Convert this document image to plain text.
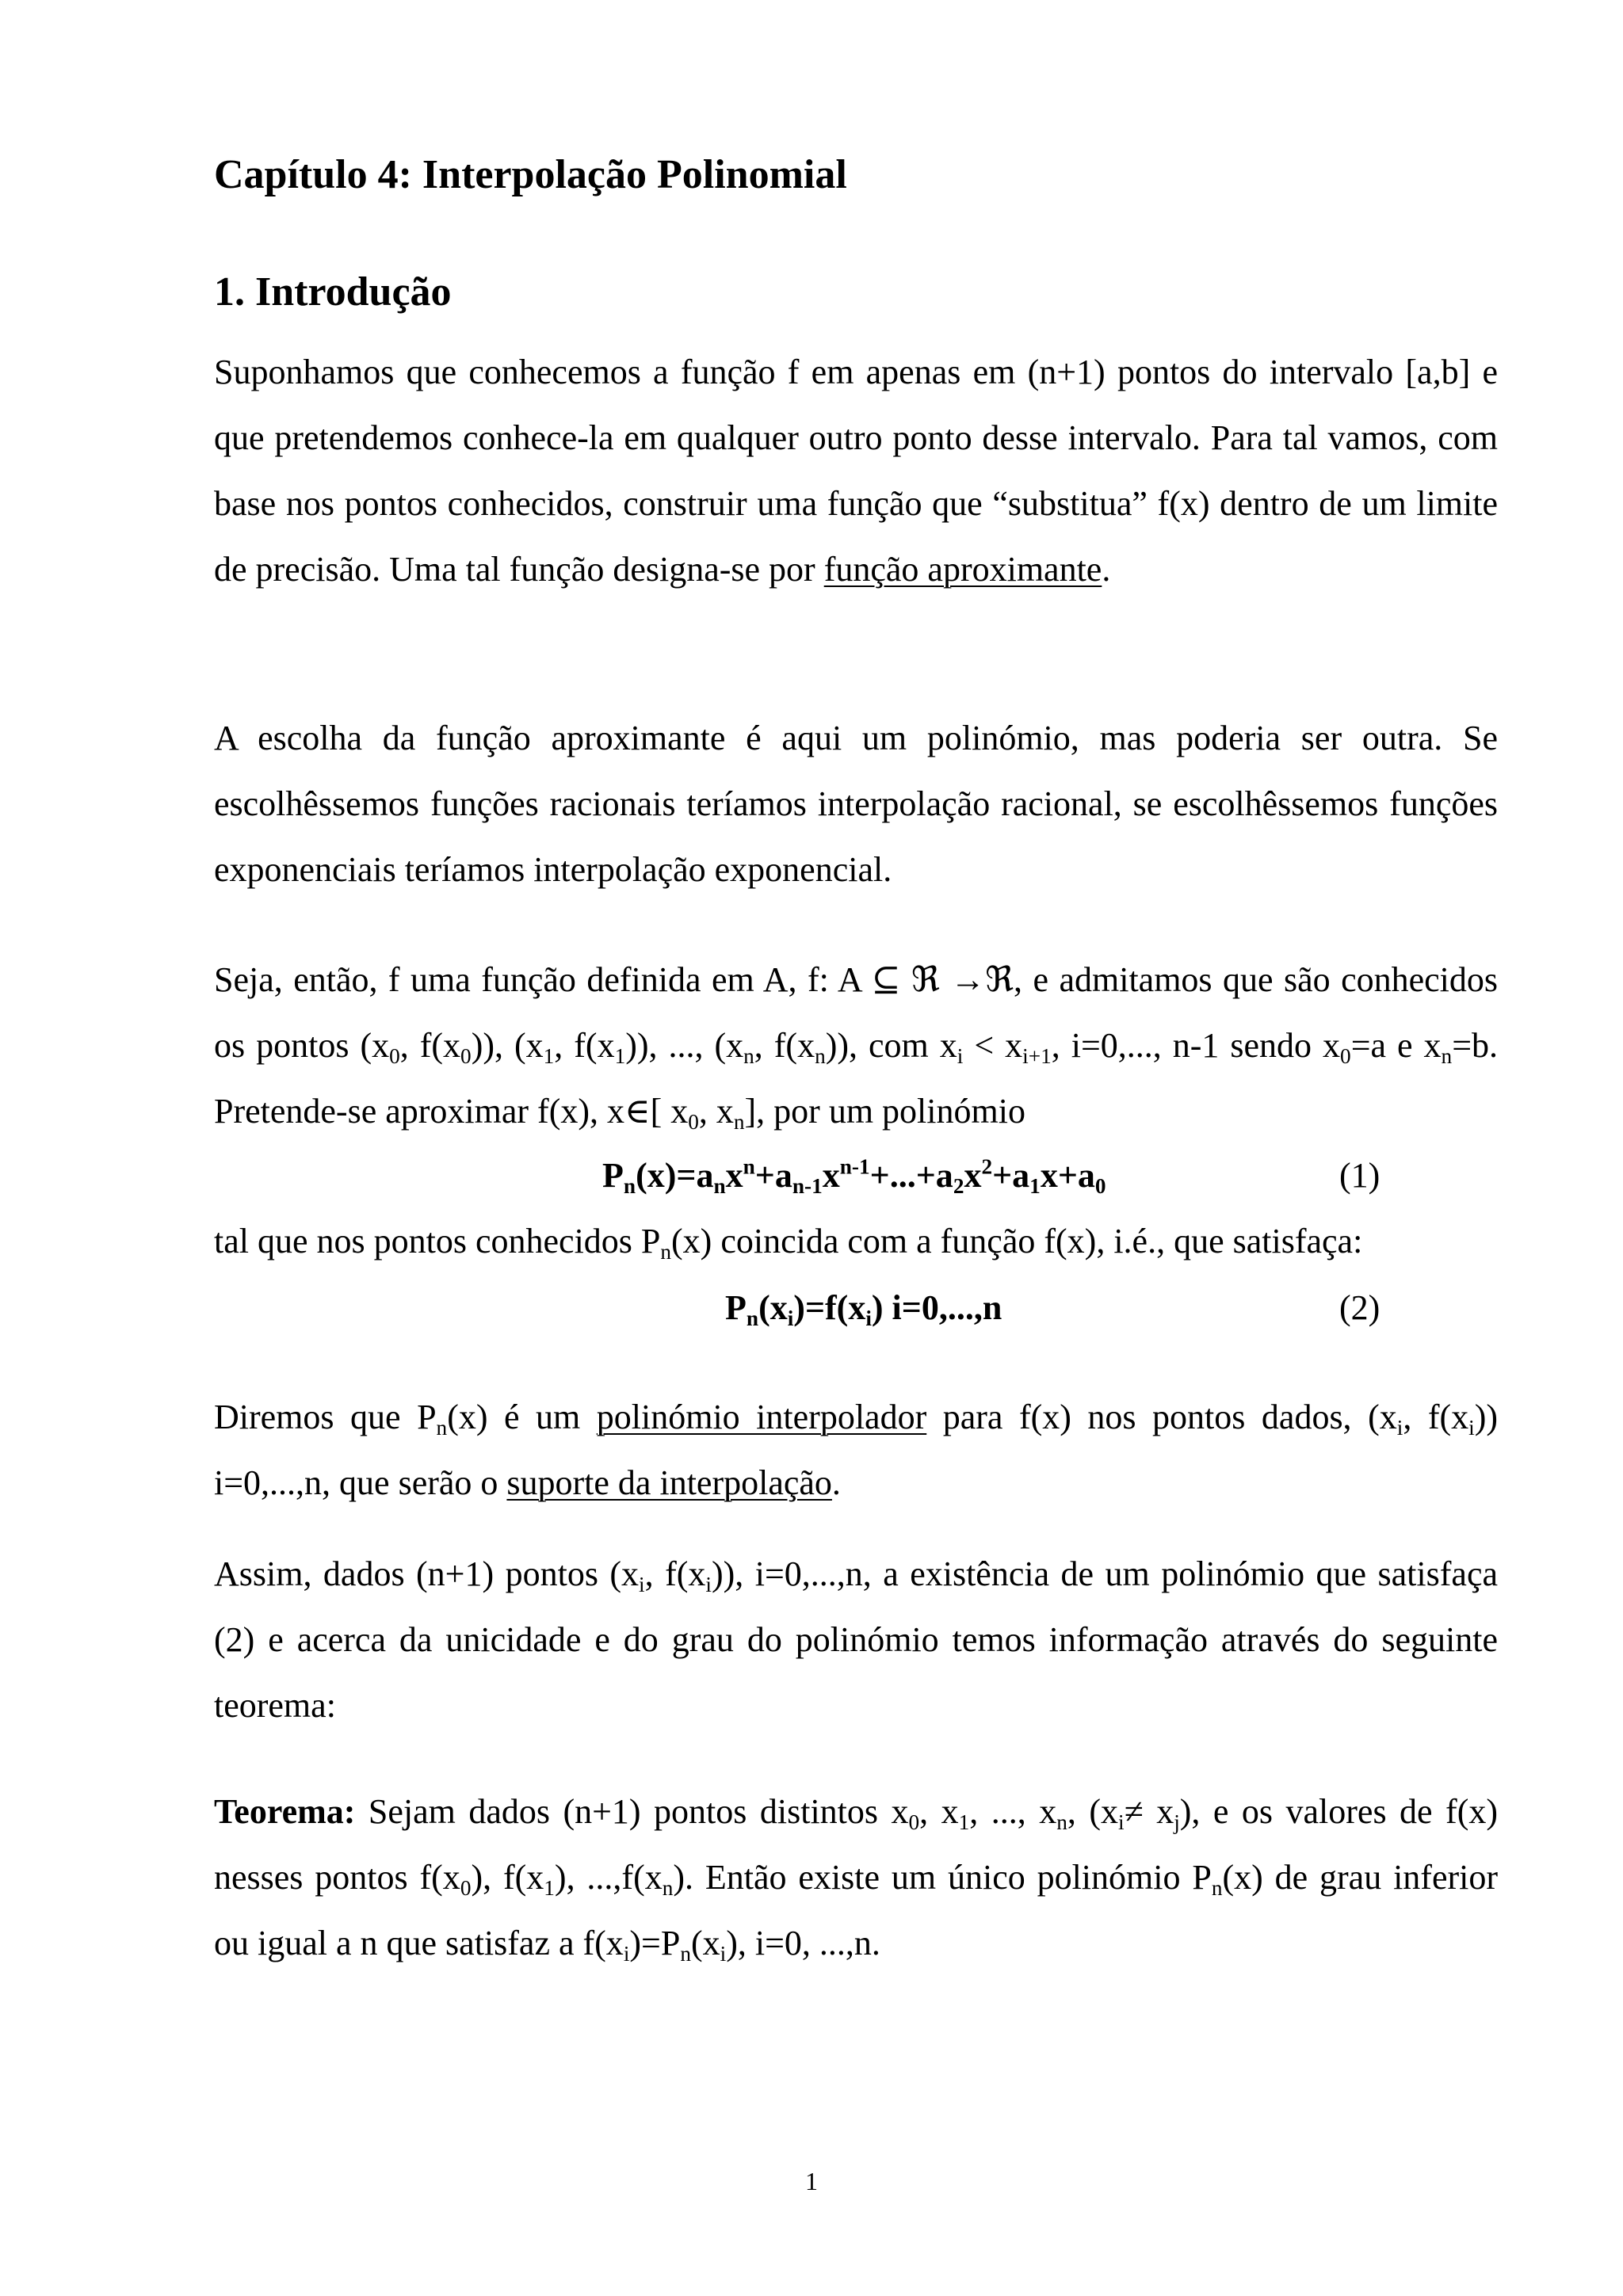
Capítulo 4: Interpolação Polinomial
1. Introdução

Suponhamos que conhecemos a função f em apenas em (n+1) pontos do intervalo [a,b] e que pretendemos conhece-la em qualquer outro ponto desse intervalo. Para tal vamos, com base nos pontos conhecidos, construir uma função que “substitua” f(x) dentro de um limite de precisão. Uma tal função designa-se por função aproximante.

A escolha da função aproximante é aqui um polinómio, mas poderia ser outra. Se escolhêssemos funções racionais teríamos interpolação racional, se escolhêssemos funções exponenciais teríamos interpolação exponencial.

Seja, então, f uma função definida em A, f: A ⊆ ℜ →ℜ, e admitamos que são conhecidos os pontos ($x_0$, $f(x_0)$), ($x_1$, $f(x_1)$), ..., ($x_n$, $f(x_n)$), com $x_i < x_{i+1}$, i=0,..., n-1 sendo $x_0=a$ e $x_n=b$. Pretende-se aproximar f(x), x∈[ $x_0$, $x_n$], por um polinómio

$P_n(x)=a_nx^n+a_{n-1}x^{n-1}+...+a_2x^2+a_1x+a_0$	(1)

tal que nos pontos conhecidos $P_n(x)$ coincida com a função f(x), i.é., que satisfaça:

$P_n(x_i)=f(x_i)$ i=0,...,n	(2)

Diremos que $P_n(x)$ é um polinómio interpolador para f(x) nos pontos dados, ($x_i$, $f(x_i)$) i=0,...,n, que serão o suporte da interpolação.

Assim, dados (n+1) pontos ($x_i$, $f(x_i)$), i=0,...,n, a existência de um polinómio que satisfaça (2) e acerca da unicidade e do grau do polinómio temos informação através do seguinte teorema:

Teorema: Sejam dados (n+1) pontos distintos $x_0$, $x_1$, ..., $x_n$, $(x_i\ne x_j)$, e os valores de f(x) nesses pontos $f(x_0)$, $f(x_1)$, $...,f(x_n)$. Então existe um único polinómio $P_n(x)$ de grau inferior ou igual a n que satisfaz a $f(x_i)=P_n(x_i)$, i=0, ...,n.

1
